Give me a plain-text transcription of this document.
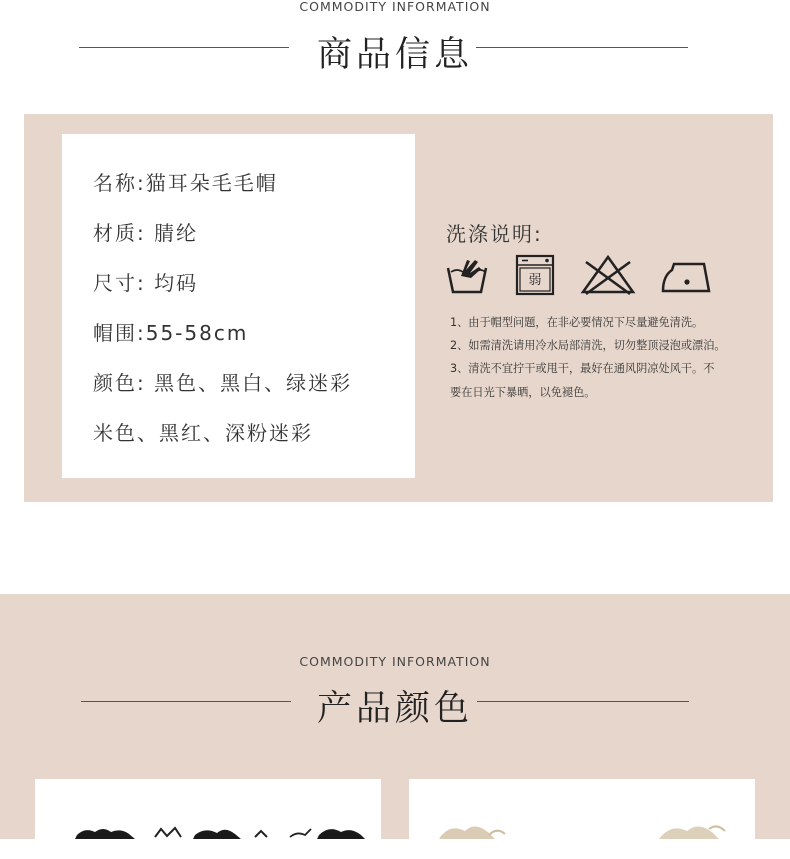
COMMODITY INFORMATION
商品信息
名称:猫耳朵毛毛帽
材质: 腈纶
尺寸: 均码
帽围:55-58cm
颜色: 黑色、黑白、绿迷彩
米色、黑红、深粉迷彩
洗涤说明:
弱
1、由于帽型问题，在非必要情况下尽量避免清洗。
2、如需清洗请用冷水局部清洗，切勿整顶浸泡或漂泊。
3、清洗不宜拧干或甩干，最好在通风阴凉处风干。不
要在日光下暴晒，以免褪色。
COMMODITY INFORMATION
产品颜色
